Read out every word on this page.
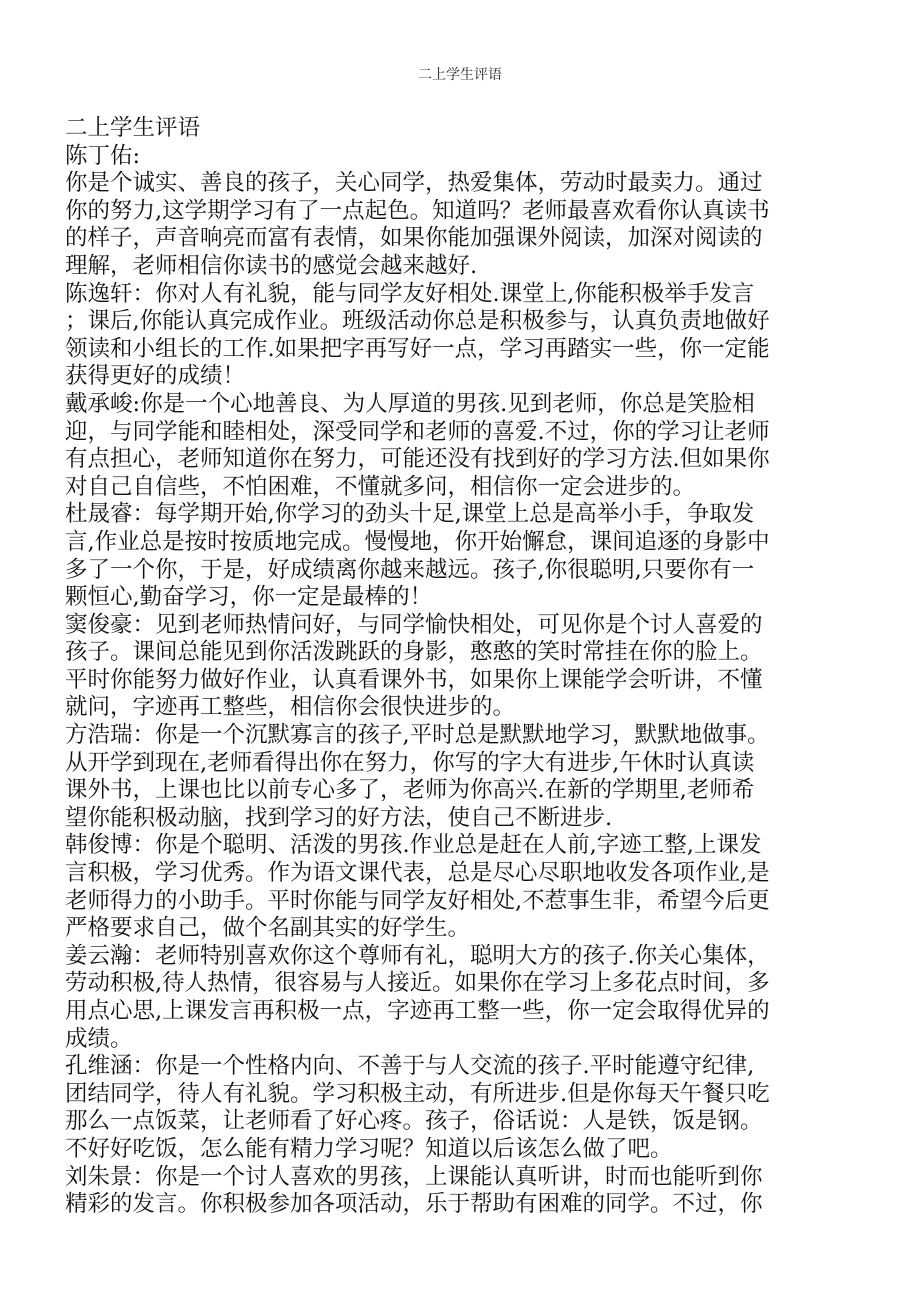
二上学生评语
二上学生评语
陈丁佑:
你是个诚实、善良的孩子，关心同学，热爱集体，劳动时最卖力。通过
你的努力,这学期学习有了一点起色。知道吗？老师最喜欢看你认真读书
的样子，声音响亮而富有表情，如果你能加强课外阅读，加深对阅读的
理解，老师相信你读书的感觉会越来越好.
陈逸轩：你对人有礼貌，能与同学友好相处.课堂上,你能积极举手发言
；课后,你能认真完成作业。班级活动你总是积极参与，认真负责地做好
领读和小组长的工作.如果把字再写好一点，学习再踏实一些，你一定能
获得更好的成绩！
戴承峻:你是一个心地善良、为人厚道的男孩.见到老师，你总是笑脸相
迎，与同学能和睦相处，深受同学和老师的喜爱.不过，你的学习让老师
有点担心，老师知道你在努力，可能还没有找到好的学习方法.但如果你
对自己自信些，不怕困难，不懂就多问，相信你一定会进步的。
杜晟睿：每学期开始,你学习的劲头十足,课堂上总是高举小手，争取发
言,作业总是按时按质地完成。慢慢地，你开始懈怠，课间追逐的身影中
多了一个你，于是，好成绩离你越来越远。孩子,你很聪明,只要你有一
颗恒心,勤奋学习，你一定是最棒的！
窦俊豪：见到老师热情问好，与同学愉快相处，可见你是个讨人喜爱的
孩子。课间总能见到你活泼跳跃的身影，憨憨的笑时常挂在你的脸上。
平时你能努力做好作业，认真看课外书，如果你上课能学会听讲，不懂
就问，字迹再工整些，相信你会很快进步的。
方浩瑞：你是一个沉默寡言的孩子,平时总是默默地学习，默默地做事。
从开学到现在,老师看得出你在努力，你写的字大有进步,午休时认真读
课外书，上课也比以前专心多了，老师为你高兴.在新的学期里,老师希
望你能积极动脑，找到学习的好方法，使自己不断进步.
韩俊博：你是个聪明、活泼的男孩.作业总是赶在人前,字迹工整,上课发
言积极，学习优秀。作为语文课代表，总是尽心尽职地收发各项作业,是
老师得力的小助手。平时你能与同学友好相处,不惹事生非，希望今后更
严格要求自己，做个名副其实的好学生。
姜云瀚：老师特别喜欢你这个尊师有礼，聪明大方的孩子.你关心集体，
劳动积极,待人热情，很容易与人接近。如果你在学习上多花点时间，多
用点心思,上课发言再积极一点，字迹再工整一些，你一定会取得优异的
成绩。
孔维涵：你是一个性格内向、不善于与人交流的孩子.平时能遵守纪律,
团结同学，待人有礼貌。学习积极主动，有所进步.但是你每天午餐只吃
那么一点饭菜，让老师看了好心疼。孩子，俗话说：人是铁，饭是钢。
不好好吃饭，怎么能有精力学习呢？知道以后该怎么做了吧。
刘朱景：你是一个讨人喜欢的男孩，上课能认真听讲，时而也能听到你
精彩的发言。你积极参加各项活动，乐于帮助有困难的同学。不过，你
